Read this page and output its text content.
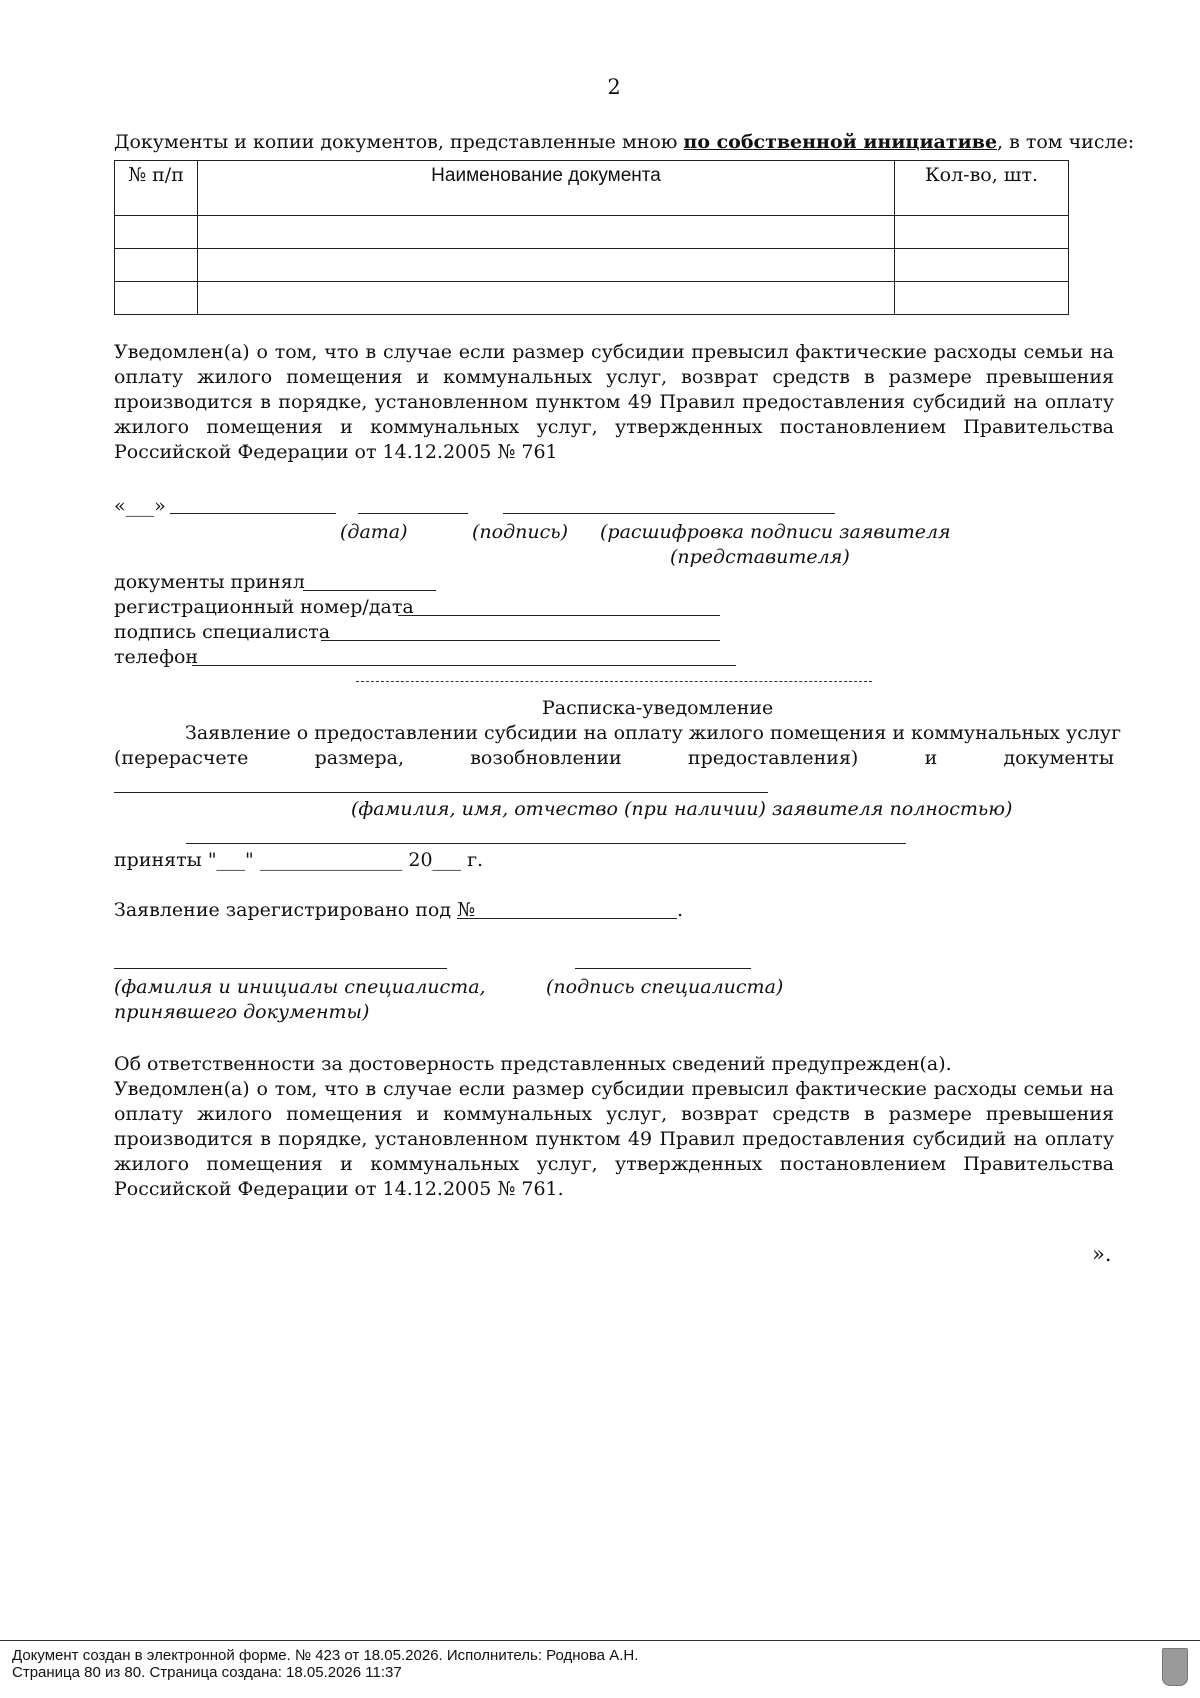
2
Документы и копии документов, представленные мною по собственной инициативе, в том числе:
№ п/п	Наименование документа	Кол-во, шт.

Уведомлен(а) о том, что в случае если размер субсидии превысил фактические расходы семьи на оплату жилого помещения и коммунальных услуг, возврат средств в размере превышения производится в порядке, установленном пунктом 49 Правил предоставления субсидий на оплату жилого помещения и коммунальных услуг, утвержденных постановлением Правительства Российской Федерации от 14.12.2005 № 761
«___»
(дата)	(подпись) (расшифровка подписи заявителя
(представителя)
документы принял
регистрационный номер/дата
подпись специалиста
телефон
Расписка-уведомление
Заявление о предоставлении субсидии на оплату жилого помещения и коммунальных услуг
(перерасчете	размера,	возобновлении	предоставления)	и	документы
(фамилия, имя, отчество (при наличии) заявителя полностью)
приняты "___" _______________ 20___ г.
Заявление зарегистрировано под №	.
(фамилия и инициалы специалиста,
принявшего документы)
(подпись специалиста)
Об ответственности за достоверность представленных сведений предупрежден(а).
Уведомлен(а) о том, что в случае если размер субсидии превысил фактические расходы семьи на оплату жилого помещения и коммунальных услуг, возврат средств в размере превышения производится в порядке, установленном пунктом 49 Правил предоставления субсидий на оплату жилого помещения и коммунальных услуг, утвержденных постановлением Правительства Российской Федерации от 14.12.2005 № 761.
».
Документ создан в электронной форме. № 423 от 18.05.2026. Исполнитель: Роднова А.Н.
Страница 80 из 80. Страница создана: 18.05.2026 11:37
